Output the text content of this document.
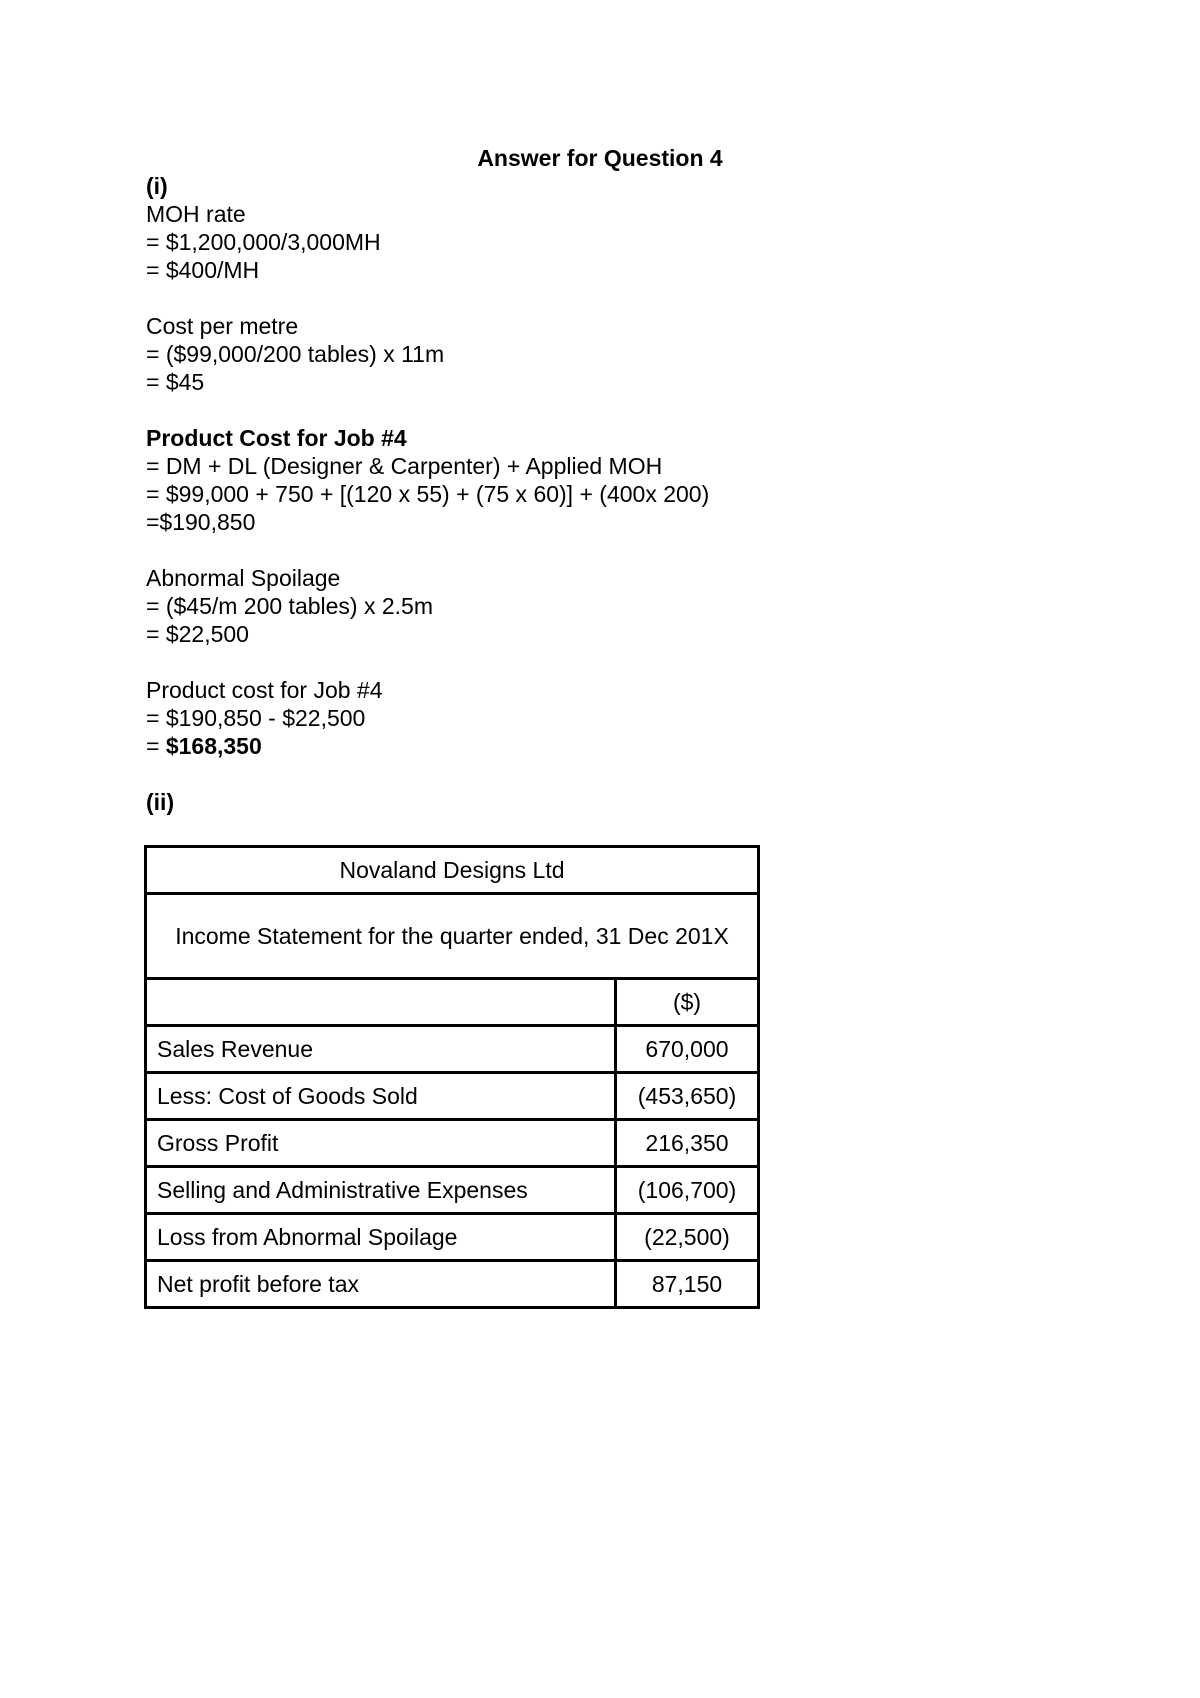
Answer for Question 4
(i)
MOH rate
= $1,200,000/3,000MH
= $400/MH
Cost per metre
= ($99,000/200 tables) x 11m
= $45
Product Cost for Job #4
= DM + DL (Designer & Carpenter) + Applied MOH
= $99,000 + 750 + [(120 x 55) + (75 x 60)] + (400x 200)
=$190,850
Abnormal Spoilage
= ($45/m 200 tables) x 2.5m
= $22,500
Product cost for Job #4
= $190,850 - $22,500
= $168,350
(ii)
Novaland Designs Ltd	
Income Statement for the quarter ended, 31 Dec 201X	
	($)
Sales Revenue	670,000
Less: Cost of Goods Sold	(453,650)
Gross Profit	216,350
Selling and Administrative Expenses	(106,700)
Loss from Abnormal Spoilage	(22,500)
Net profit before tax	87,150
